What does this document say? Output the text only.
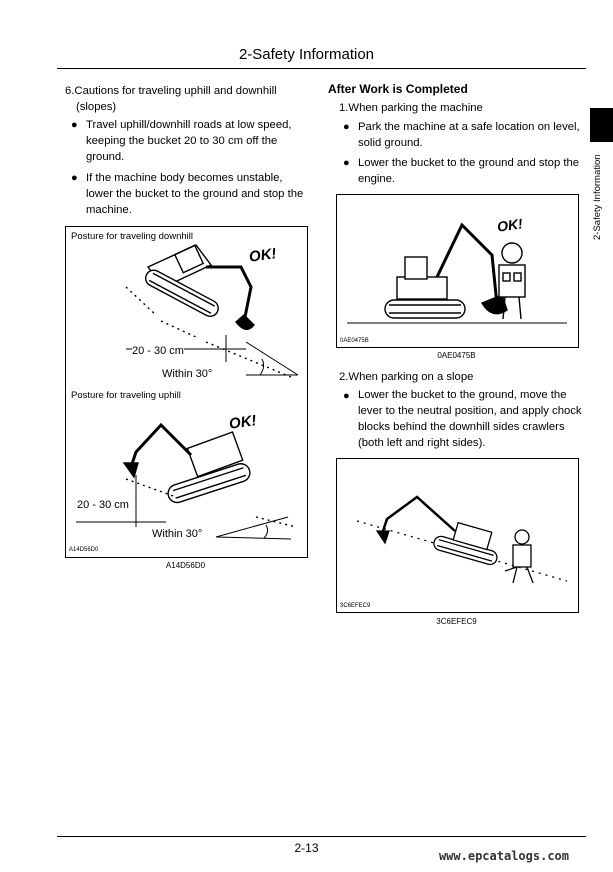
2-Safety Information
2-Safety Information
6.Cautions for traveling uphill and downhill
(slopes)
● Travel uphill/downhill roads at low speed,
keeping the bucket 20 to 30 cm off the
ground.
● If the machine body becomes unstable,
lower the bucket to the ground and stop the
machine.
Posture for traveling downhill
Posture for traveling uphill
OK!
OK!
20 - 30 cm
Within 30°
20 - 30 cm
Within 30°
A14D56D0
A14D56D0
After Work is Completed
1.When parking the machine
● Park the machine at a safe location on level,
solid ground.
● Lower the bucket to the ground and stop the
engine.
OK!
0AE0475B
0AE0475B
2.When parking on a slope
● Lower the bucket to the ground, move the
lever to the neutral position, and apply chock
blocks behind the downhill sides crawlers
(both left and right sides).
3C6EFEC9
3C6EFEC9
2-13
www.epcatalogs.com
